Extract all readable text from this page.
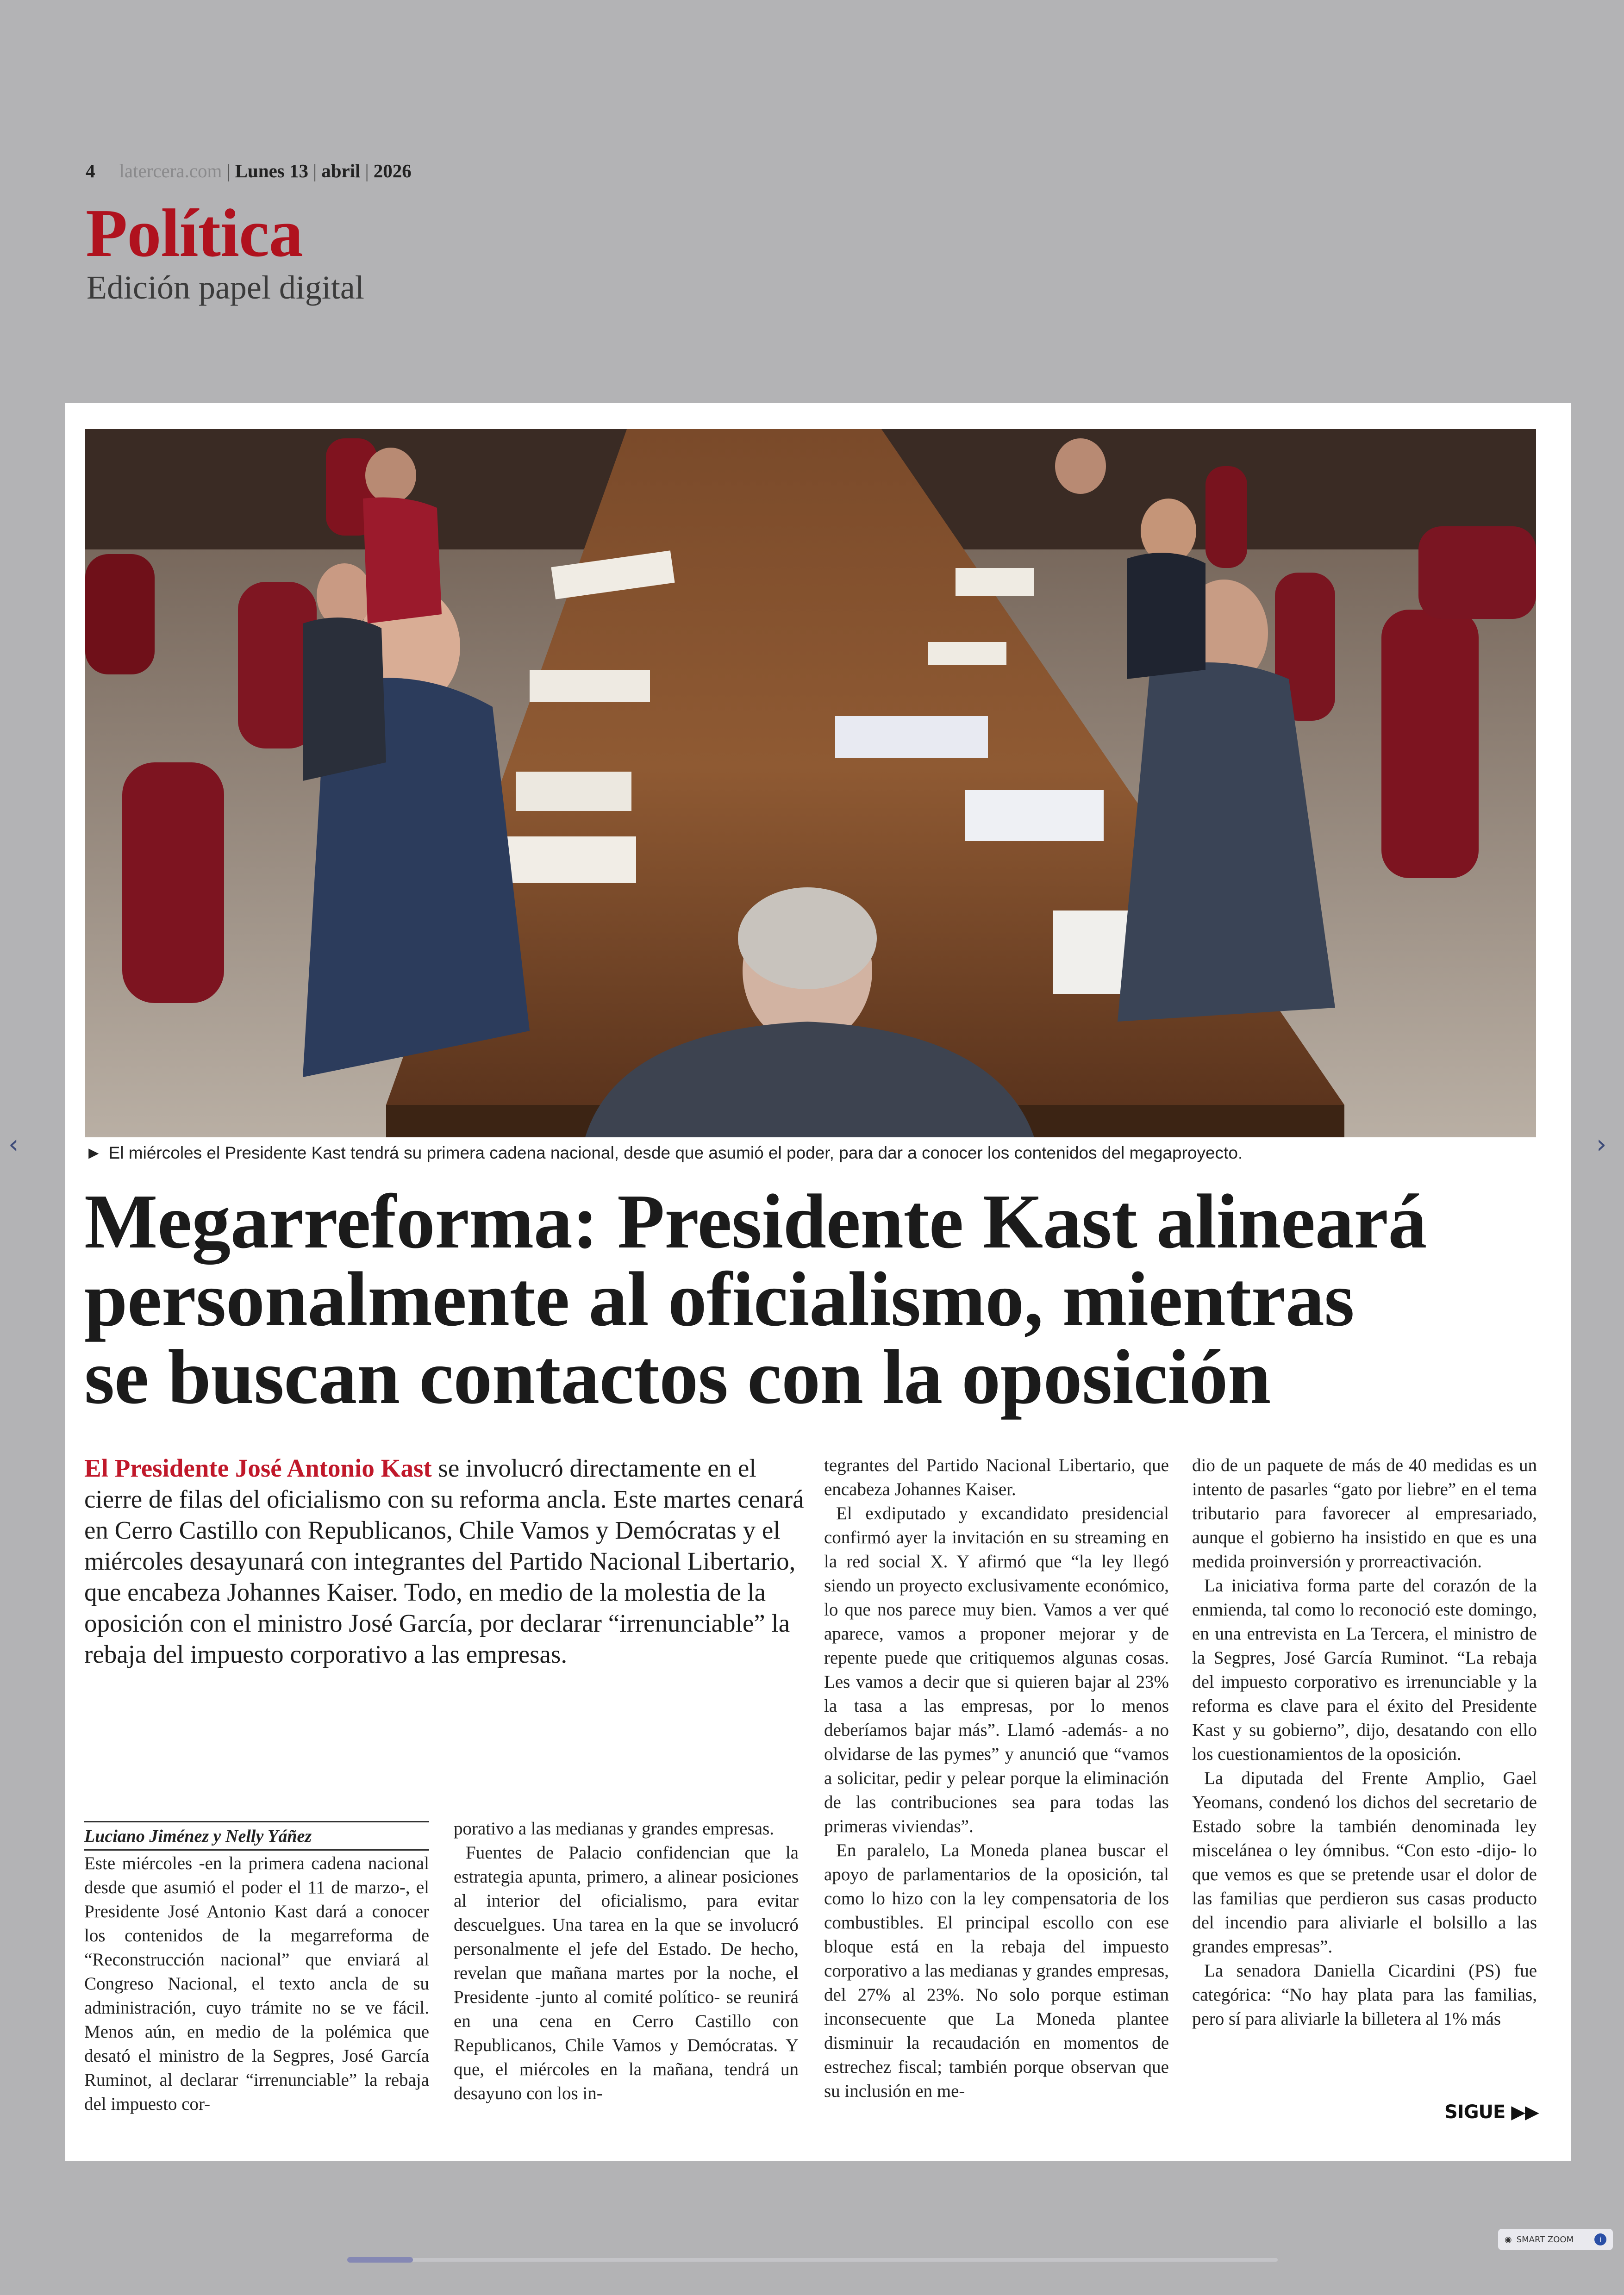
4 latercera.com | Lunes 13 | abril | 2026
Política
Edición papel digital
► El miércoles el Presidente Kast tendrá su primera cadena nacional, desde que asumió el poder, para dar a conocer los contenidos del megaproyecto.
Megarreforma: Presidente Kast alineará
personalmente al oficialismo, mientras
se buscan contactos con la oposición
El Presidente José Antonio Kast se involucró directamente en el cierre de filas del oficialismo con su reforma ancla. Este martes cenará en Cerro Castillo con Republicanos, Chile Vamos y Demócratas y el miércoles desayunará con integrantes del Partido Nacional Libertario, que encabeza Johannes Kaiser. Todo, en medio de la molestia de la oposición con el ministro José García, por declarar “irrenunciable” la rebaja del impuesto corporativo a las empresas.
Luciano Jiménez y Nelly Yáñez

Este miércoles -en la primera cadena nacional desde que asumió el poder el 11 de marzo-, el Presidente José Antonio Kast dará a conocer los contenidos de la megarreforma de “Reconstrucción nacional” que enviará al Congreso Nacional, el texto ancla de su administración, cuyo trámite no se ve fácil. Menos aún, en medio de la polémica que desató el ministro de la Segpres, José García Ruminot, al declarar “irrenunciable” la rebaja del impuesto cor-

porativo a las medianas y grandes empresas.

Fuentes de Palacio confidencian que la estrategia apunta, primero, a alinear posiciones al interior del oficialismo, para evitar descuelgues. Una tarea en la que se involucró personalmente el jefe del Estado. De hecho, revelan que mañana martes por la noche, el Presidente -junto al comité político- se reunirá en una cena en Cerro Castillo con Republicanos, Chile Vamos y Demócratas. Y que, el miércoles en la mañana, tendrá un desayuno con los in-

tegrantes del Partido Nacional Libertario, que encabeza Johannes Kaiser.

El exdiputado y excandidato presidencial confirmó ayer la invitación en su streaming en la red social X. Y afirmó que “la ley llegó siendo un proyecto exclusivamente económico, lo que nos parece muy bien. Vamos a ver qué aparece, vamos a proponer mejorar y de repente puede que critiquemos algunas cosas. Les vamos a decir que si quieren bajar al 23% la tasa a las empresas, por lo menos deberíamos bajar más”. Llamó -además- a no olvidarse de las pymes” y anunció que “vamos a solicitar, pedir y pelear porque la eliminación de las contribuciones sea para todas las primeras viviendas”.

En paralelo, La Moneda planea buscar el apoyo de parlamentarios de la oposición, tal como lo hizo con la ley compensatoria de los combustibles. El principal escollo con ese bloque está en la rebaja del impuesto corporativo a las medianas y grandes empresas, del 27% al 23%. No solo porque estiman inconsecuente que La Moneda plantee disminuir la recaudación en momentos de estrechez fiscal; también porque observan que su inclusión en me-

dio de un paquete de más de 40 medidas es un intento de pasarles “gato por liebre” en el tema tributario para favorecer al empresariado, aunque el gobierno ha insistido en que es una medida proinversión y prorreactivación.

La iniciativa forma parte del corazón de la enmienda, tal como lo reconoció este domingo, en una entrevista en La Tercera, el ministro de la Segpres, José García Ruminot. “La rebaja del impuesto corporativo es irrenunciable y la reforma es clave para el éxito del Presidente Kast y su gobierno”, dijo, desatando con ello los cuestionamientos de la oposición.

La diputada del Frente Amplio, Gael Yeomans, condenó los dichos del secretario de Estado sobre la también denominada ley miscelánea o ley ómnibus. “Con esto -dijo- lo que vemos es que se pretende usar el dolor de las familias que perdieron sus casas producto del incendio para aliviarle el bolsillo a las grandes empresas”.

La senadora Daniella Cicardini (PS) fue categórica: “No hay plata para las familias, pero sí para aliviarle la billetera al 1% más

SIGUE ▶▶
‹	›
◉ SMART ZOOM	i
